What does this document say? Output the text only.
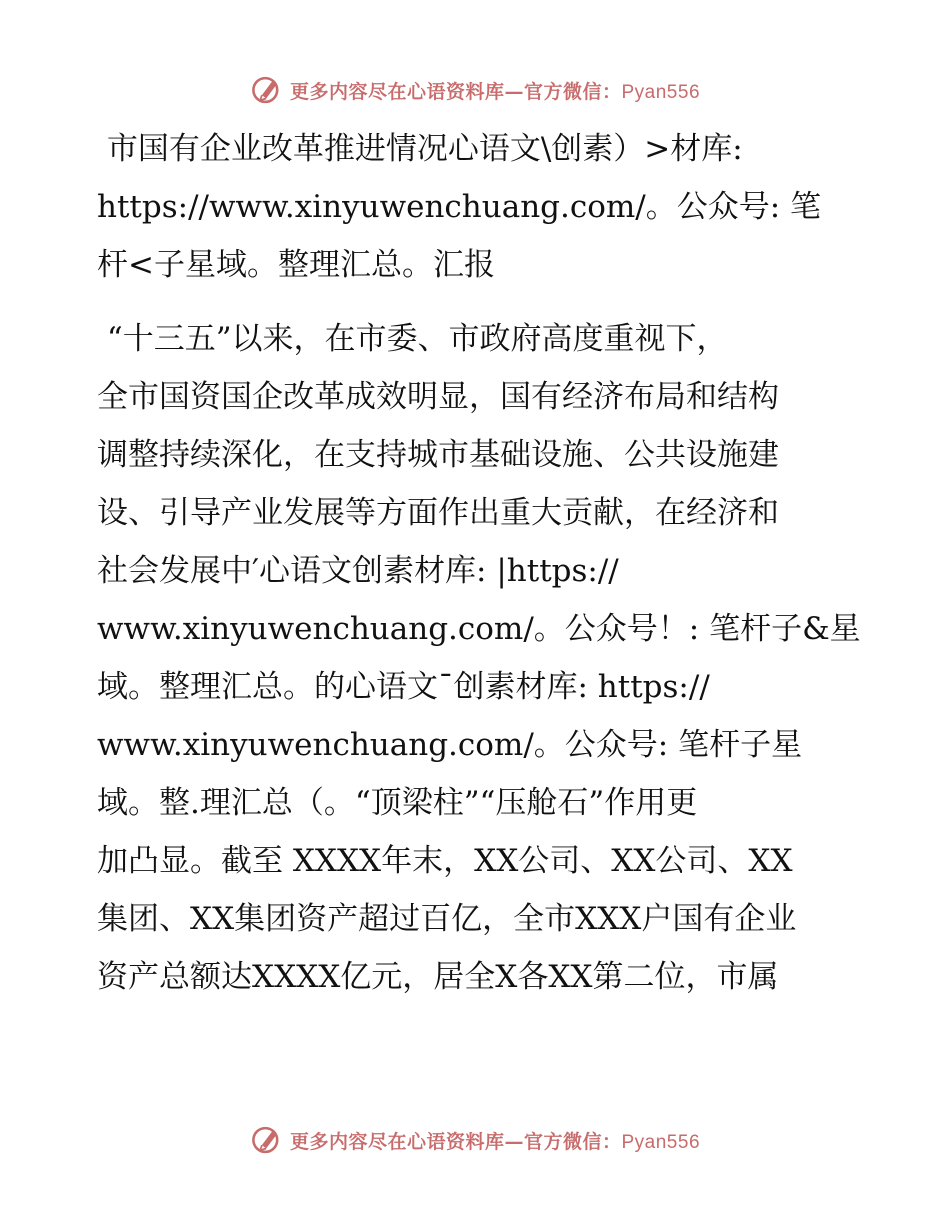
更多内容尽在心语资料库—官方微信：Pyan556
市国有企业改革推进情况心语文\创素）>材库:
https://www.xinyuwenchuang.com/。公众号: 笔
杆<子星域。整理汇总。汇报
“十三五”以来，在市委、市政府高度重视下，
全市国资国企改革成效明显，国有经济布局和结构
调整持续深化，在支持城市基础设施、公共设施建
设、引导产业发展等方面作出重大贡献，在经济和
社会发展中′心语文创素材库: |https://
www.xinyuwenchuang.com/。公众号！: 笔杆子&星
域。整理汇总。的心语文¯创素材库: https://
www.xinyuwenchuang.com/。公众号: 笔杆子星
域。整.理汇总（。“顶梁柱”“压舱石”作用更
加凸显。截至 XXXX年末，XX公司、XX公司、XX
集团、XX集团资产超过百亿，全市XXX户国有企业
资产总额达XXXX亿元，居全X各XX第二位，市属
更多内容尽在心语资料库—官方微信：Pyan556
